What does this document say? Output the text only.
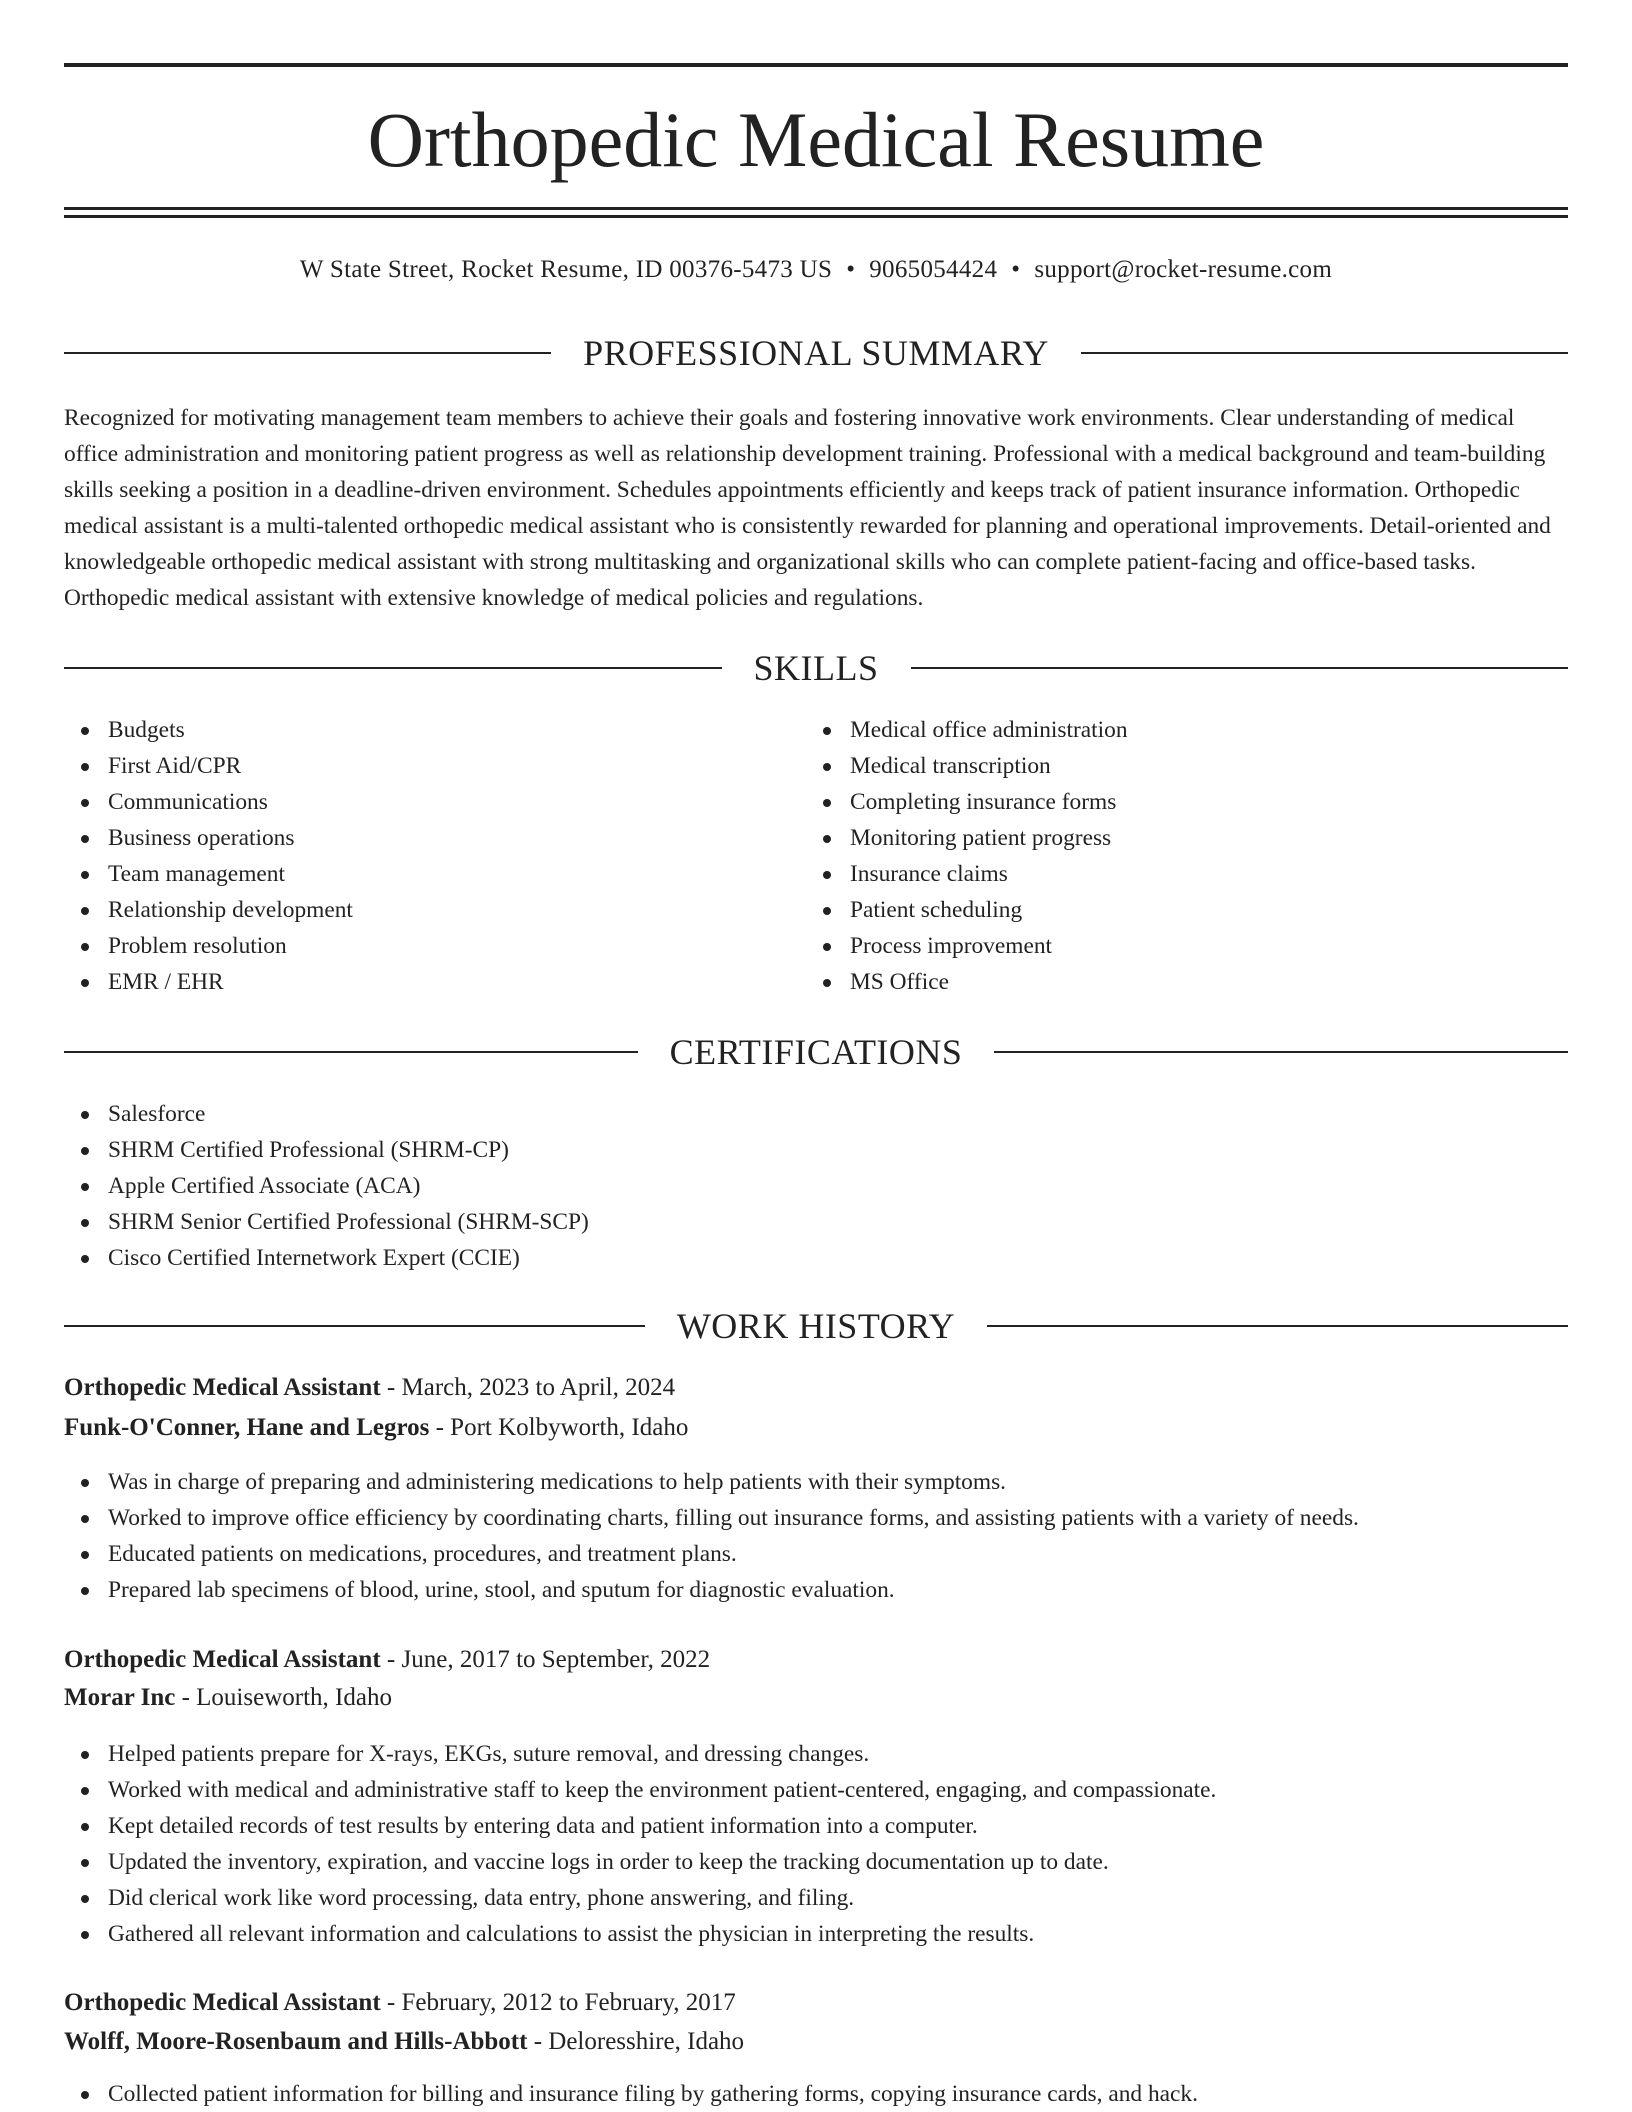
Orthopedic Medical Resume
W State Street, Rocket Resume, ID 00376-5473 US • 9065054424 • support@rocket-resume.com
PROFESSIONAL SUMMARY

Recognized for motivating management team members to achieve their goals and fostering innovative work environments. Clear understanding of medical office administration and monitoring patient progress as well as relationship development training. Professional with a medical background and team-building skills seeking a position in a deadline-driven environment. Schedules appointments efficiently and keeps track of patient insurance information. Orthopedic medical assistant is a multi-talented orthopedic medical assistant who is consistently rewarded for planning and operational improvements. Detail-oriented and knowledgeable orthopedic medical assistant with strong multitasking and organizational skills who can complete patient-facing and office-based tasks. Orthopedic medical assistant with extensive knowledge of medical policies and regulations.

SKILLS
Budgets
First Aid/CPR
Communications
Business operations
Team management
Relationship development
Problem resolution
EMR / EHR
Medical office administration
Medical transcription
Completing insurance forms
Monitoring patient progress
Insurance claims
Patient scheduling
Process improvement
MS Office
CERTIFICATIONS
Salesforce
SHRM Certified Professional (SHRM-CP)
Apple Certified Associate (ACA)
SHRM Senior Certified Professional (SHRM-SCP)
Cisco Certified Internetwork Expert (CCIE)
WORK HISTORY
Orthopedic Medical Assistant - March, 2023 to April, 2024
Funk-O'Conner, Hane and Legros - Port Kolbyworth, Idaho
Was in charge of preparing and administering medications to help patients with their symptoms.
Worked to improve office efficiency by coordinating charts, filling out insurance forms, and assisting patients with a variety of needs.
Educated patients on medications, procedures, and treatment plans.
Prepared lab specimens of blood, urine, stool, and sputum for diagnostic evaluation.
Orthopedic Medical Assistant - June, 2017 to September, 2022
Morar Inc - Louiseworth, Idaho
Helped patients prepare for X-rays, EKGs, suture removal, and dressing changes.
Worked with medical and administrative staff to keep the environment patient-centered, engaging, and compassionate.
Kept detailed records of test results by entering data and patient information into a computer.
Updated the inventory, expiration, and vaccine logs in order to keep the tracking documentation up to date.
Did clerical work like word processing, data entry, phone answering, and filing.
Gathered all relevant information and calculations to assist the physician in interpreting the results.
Orthopedic Medical Assistant - February, 2012 to February, 2017
Wolff, Moore-Rosenbaum and Hills-Abbott - Deloresshire, Idaho
Collected patient information for billing and insurance filing by gathering forms, copying insurance cards, and hack.
